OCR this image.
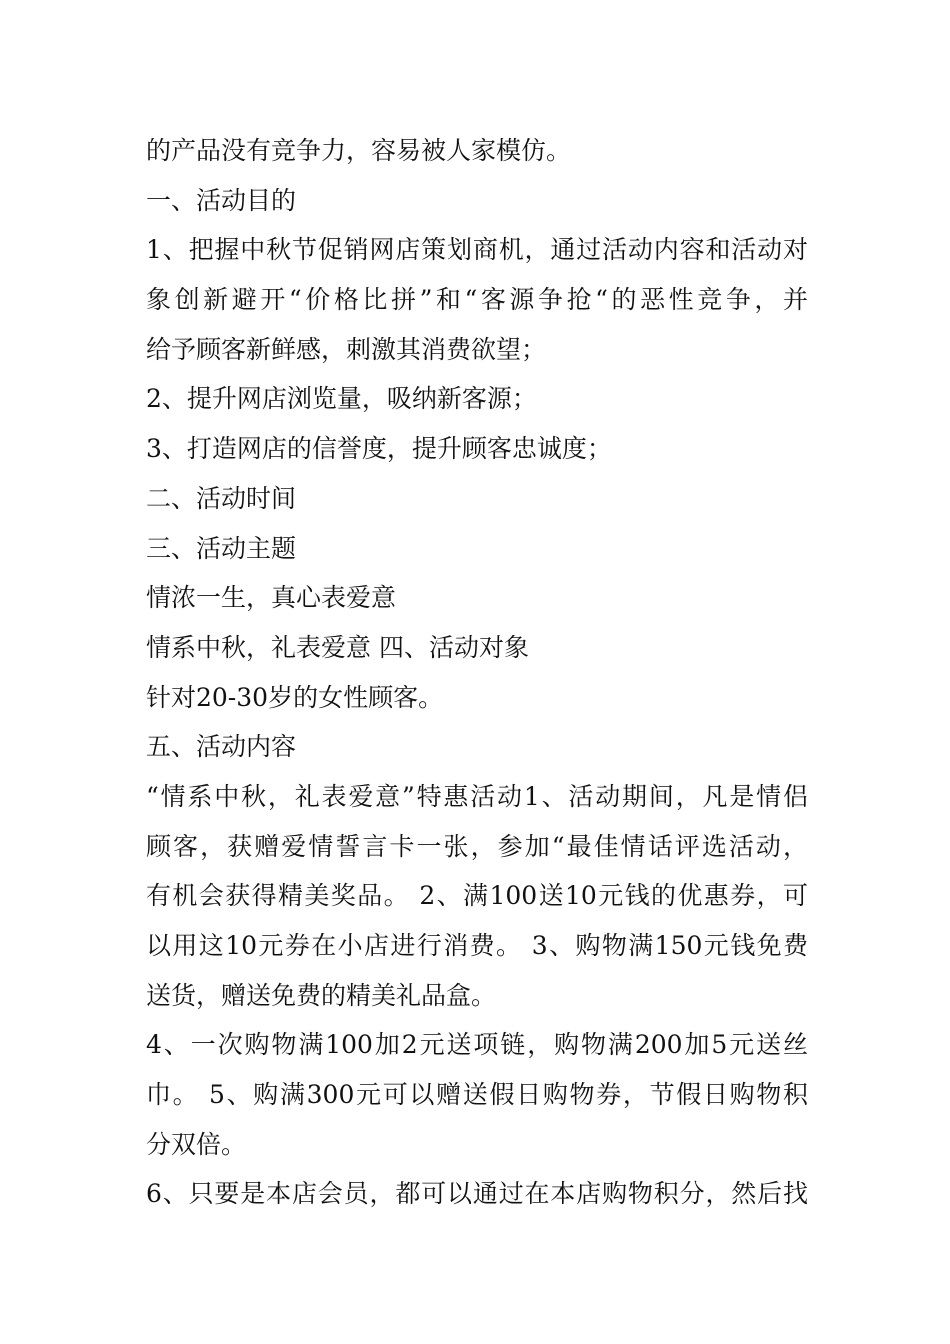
的产品没有竞争力，容易被人家模仿。
一、活动目的
1、把握中秋节促销网店策划商机，通过活动内容和活动对
象创新避开“价格比拼”和“客源争抢“的恶性竞争，并
给予顾客新鲜感，刺激其消费欲望；
2、提升网店浏览量，吸纳新客源；
3、打造网店的信誉度，提升顾客忠诚度；
二、活动时间
三、活动主题
情浓一生，真心表爱意
情系中秋，礼表爱意 四、活动对象
针对20-30岁的女性顾客。
五、活动内容
“情系中秋，礼表爱意”特惠活动1、活动期间，凡是情侣
顾客，获赠爱情誓言卡一张，参加“最佳情话评选活动，
有机会获得精美奖品。 2、满100送10元钱的优惠券，可
以用这10元券在小店进行消费。 3、购物满150元钱免费
送货，赠送免费的精美礼品盒。
4、一次购物满100加2元送项链，购物满200加5元送丝
巾。 5、购满300元可以赠送假日购物券，节假日购物积
分双倍。
6、只要是本店会员，都可以通过在本店购物积分，然后找
